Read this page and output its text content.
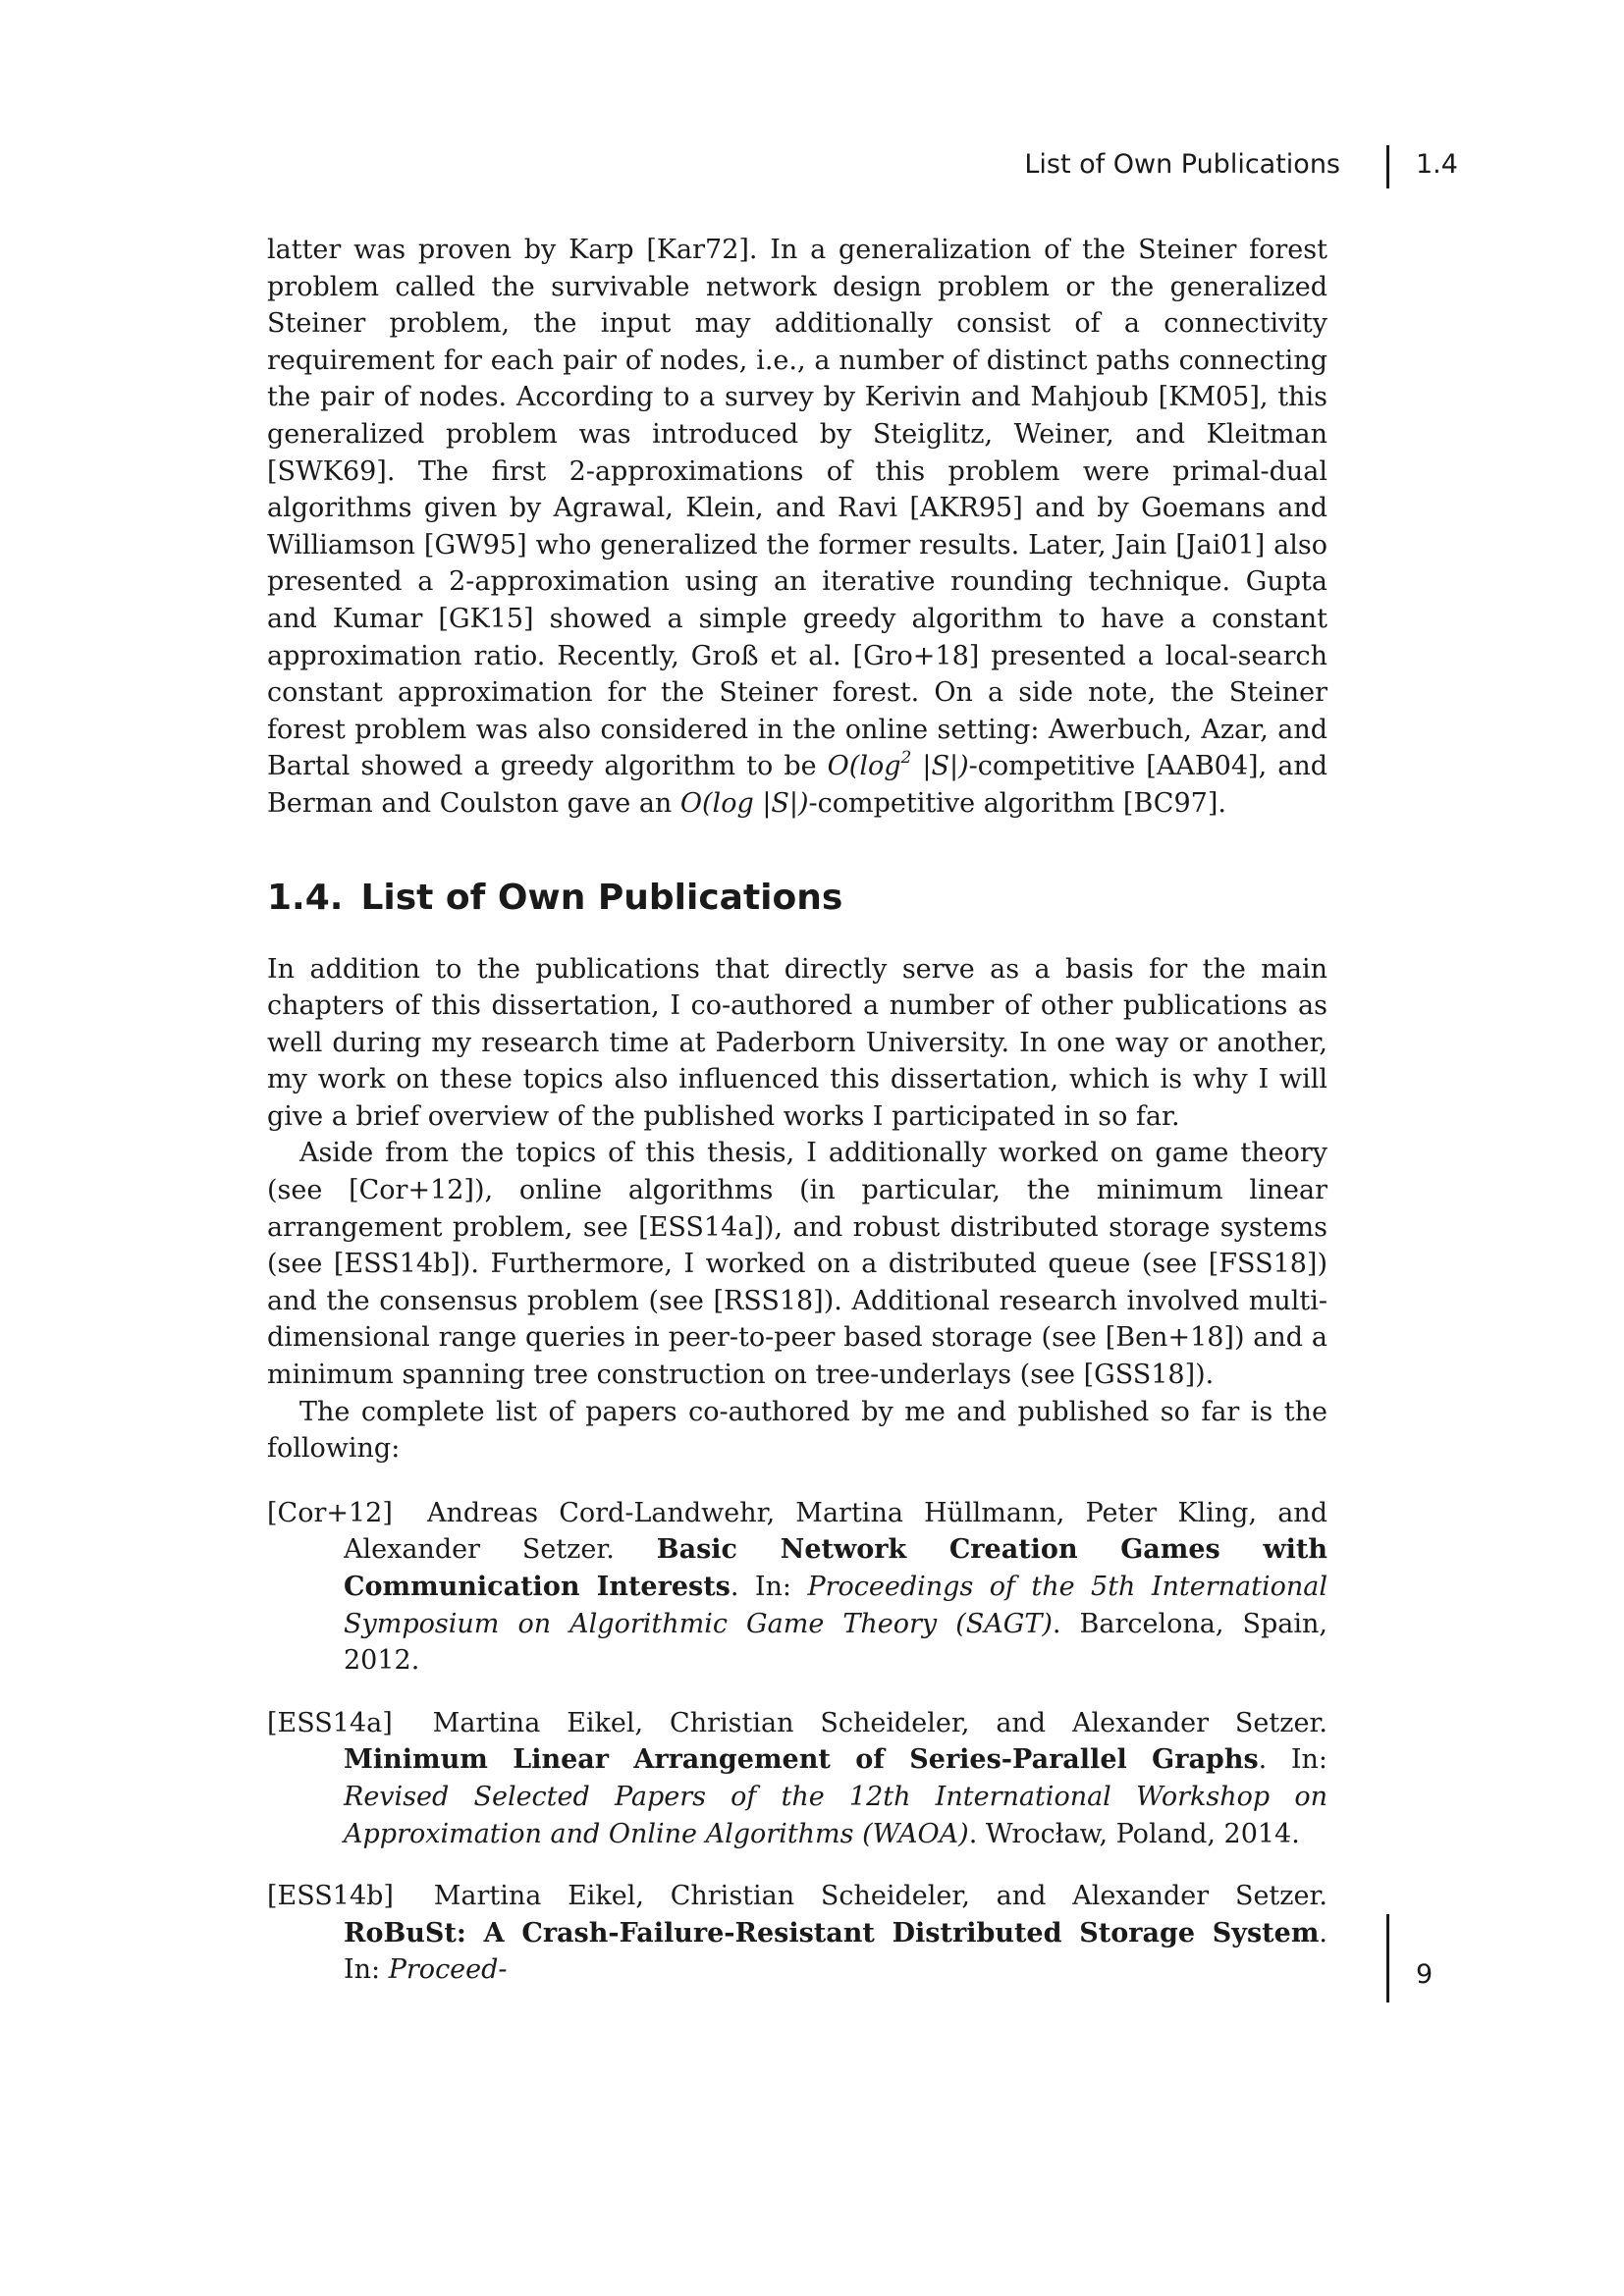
List of Own Publications	1.4

latter was proven by Karp [Kar72]. In a generalization of the Steiner forest problem called the survivable network design problem or the generalized Steiner problem, the input may additionally consist of a connectivity requirement for each pair of nodes, i.e., a number of distinct paths connecting the pair of nodes. According to a survey by Kerivin and Mahjoub [KM05], this generalized problem was introduced by Steiglitz, Weiner, and Kleitman [SWK69]. The first 2-approximations of this problem were primal-dual algorithms given by Agrawal, Klein, and Ravi [AKR95] and by Goemans and Williamson [GW95] who generalized the former results. Later, Jain [Jai01] also presented a 2-approximation using an iterative rounding technique. Gupta and Kumar [GK15] showed a simple greedy algorithm to have a constant approximation ratio. Recently, Groß et al. [Gro+18] presented a local-search constant approximation for the Steiner forest. On a side note, the Steiner forest problem was also considered in the online setting: Awerbuch, Azar, and Bartal showed a greedy algorithm to be $O(\log^2$ |S|)-competitive [AAB04], and Berman and Coulston gave an O(log |S|)-competitive algorithm [BC97].

1.4. List of Own Publications

In addition to the publications that directly serve as a basis for the main chapters of this dissertation, I co-authored a number of other publications as well during my research time at Paderborn University. In one way or another, my work on these topics also influenced this dissertation, which is why I will give a brief overview of the published works I participated in so far.

Aside from the topics of this thesis, I additionally worked on game theory (see [Cor+12]), online algorithms (in particular, the minimum linear arrangement problem, see [ESS14a]), and robust distributed storage systems (see [ESS14b]). Furthermore, I worked on a distributed queue (see [FSS18]) and the consensus problem (see [RSS18]). Additional research involved multi-dimensional range queries in peer-to-peer based storage (see [Ben+18]) and a minimum spanning tree construction on tree-underlays (see [GSS18]).

The complete list of papers co-authored by me and published so far is the following:

[Cor+12] Andreas Cord-Landwehr, Martina Hüllmann, Peter Kling, and Alexander Setzer. Basic Network Creation Games with Communication Interests. In: Proceedings of the 5th International Symposium on Algorithmic Game Theory (SAGT). Barcelona, Spain, 2012.
[ESS14a] Martina Eikel, Christian Scheideler, and Alexander Setzer. Minimum Linear Arrangement of Series-Parallel Graphs. In: Revised Selected Papers of the 12th International Workshop on Approximation and Online Algorithms (WAOA). Wrocław, Poland, 2014.
[ESS14b] Martina Eikel, Christian Scheideler, and Alexander Setzer. RoBuSt: A Crash-Failure-Resistant Distributed Storage System. In: Proceed-	9
